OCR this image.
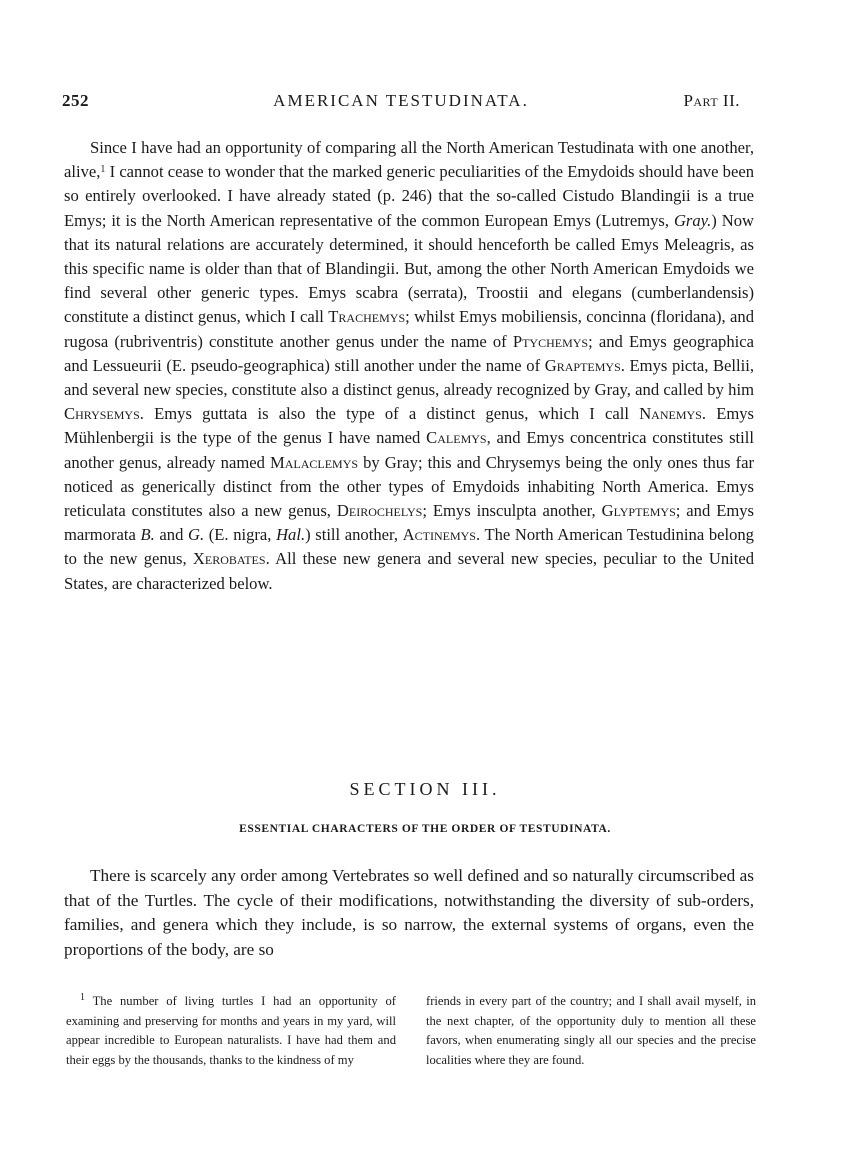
252	AMERICAN TESTUDINATA.	Part II.

Since I have had an opportunity of comparing all the North American Testudinata with one another, alive,$^1$ I cannot cease to wonder that the marked generic peculiarities of the Emydoids should have been so entirely overlooked. I have already stated (p. 246) that the so-called Cistudo Blandingii is a true Emys; it is the North American representative of the common European Emys (Lutremys, Gray.) Now that its natural relations are accurately determined, it should henceforth be called Emys Meleagris, as this specific name is older than that of Blandingii. But, among the other North American Emydoids we find several other generic types. Emys scabra (serrata), Troostii and elegans (cumberlandensis) constitute a distinct genus, which I call Trachemys; whilst Emys mobiliensis, concinna (floridana), and rugosa (rubriventris) constitute another genus under the name of Ptychemys; and Emys geographica and Lessueurii (E. pseudo-geographica) still another under the name of Graptemys. Emys picta, Bellii, and several new species, constitute also a distinct genus, already recognized by Gray, and called by him Chrysemys. Emys guttata is also the type of a distinct genus, which I call Nanemys. Emys Mühlenbergii is the type of the genus I have named Calemys, and Emys concentrica constitutes still another genus, already named Malaclemys by Gray; this and Chrysemys being the only ones thus far noticed as generically distinct from the other types of Emydoids inhabiting North America. Emys reticulata constitutes also a new genus, Deirochelys; Emys insculpta another, Glyptemys; and Emys marmorata B. and G. (E. nigra, Hal.) still another, Actinemys. The North American Testudinina belong to the new genus, Xerobates. All these new genera and several new species, peculiar to the United States, are characterized below.

SECTION III.
ESSENTIAL CHARACTERS OF THE ORDER OF TESTUDINATA.

There is scarcely any order among Vertebrates so well defined and so naturally circumscribed as that of the Turtles. The cycle of their modifications, notwithstanding the diversity of sub-orders, families, and genera which they include, is so narrow, the external systems of organs, even the proportions of the body, are so

$^1$ The number of living turtles I had an opportunity of examining and preserving for months and years in my yard, will appear incredible to European naturalists. I have had them and their eggs by the thousands, thanks to the kindness of my
friends in every part of the country; and I shall avail myself, in the next chapter, of the opportunity duly to mention all these favors, when enumerating singly all our species and the precise localities where they are found.
